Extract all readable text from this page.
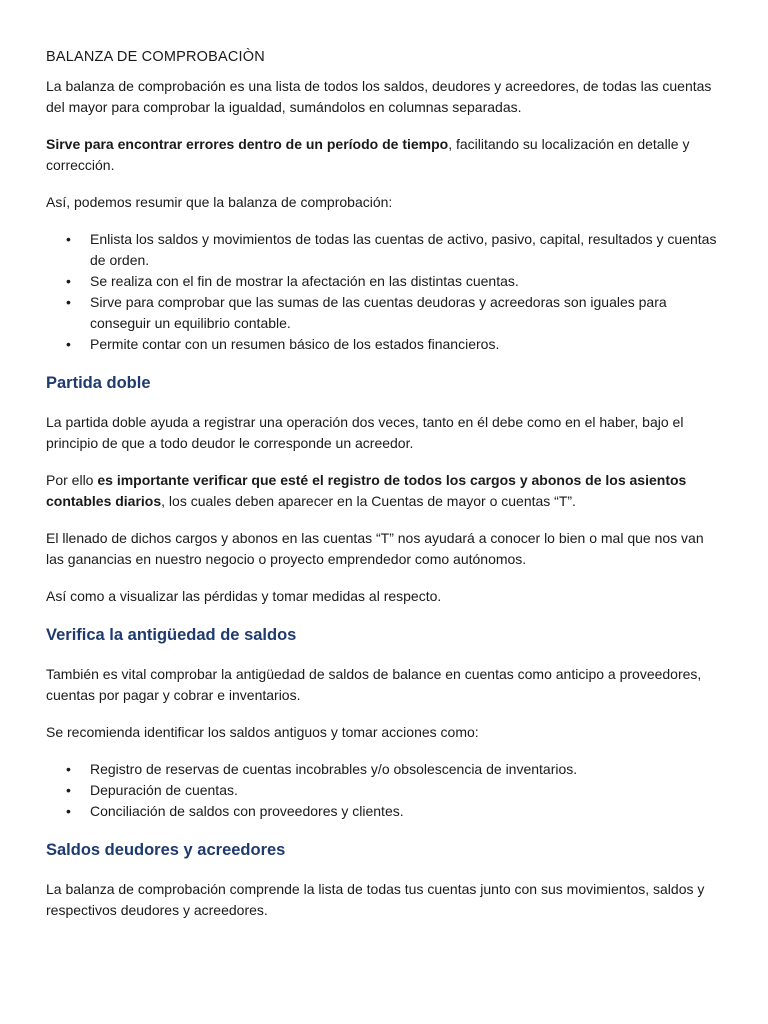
BALANZA DE COMPROBACIÒN

La balanza de comprobación es una lista de todos los saldos, deudores y acreedores, de todas las cuentas del mayor para comprobar la igualdad, sumándolos en columnas separadas.

Sirve para encontrar errores dentro de un período de tiempo, facilitando su localización en detalle y corrección.

Así, podemos resumir que la balanza de comprobación:

• Enlista los saldos y movimientos de todas las cuentas de activo, pasivo, capital, resultados y cuentas de orden.
• Se realiza con el fin de mostrar la afectación en las distintas cuentas.
• Sirve para comprobar que las sumas de las cuentas deudoras y acreedoras son iguales para conseguir un equilibrio contable.
• Permite contar con un resumen básico de los estados financieros.
Partida doble

La partida doble ayuda a registrar una operación dos veces, tanto en él debe como en el haber, bajo el principio de que a todo deudor le corresponde un acreedor.

Por ello es importante verificar que esté el registro de todos los cargos y abonos de los asientos contables diarios, los cuales deben aparecer en la Cuentas de mayor o cuentas “T”.

El llenado de dichos cargos y abonos en las cuentas “T” nos ayudará a conocer lo bien o mal que nos van las ganancias en nuestro negocio o proyecto emprendedor como autónomos.

Así como a visualizar las pérdidas y tomar medidas al respecto.

Verifica la antigüedad de saldos

También es vital comprobar la antigüedad de saldos de balance en cuentas como anticipo a proveedores, cuentas por pagar y cobrar e inventarios.

Se recomienda identificar los saldos antiguos y tomar acciones como:

• Registro de reservas de cuentas incobrables y/o obsolescencia de inventarios.
• Depuración de cuentas.
• Conciliación de saldos con proveedores y clientes.
Saldos deudores y acreedores

La balanza de comprobación comprende la lista de todas tus cuentas junto con sus movimientos, saldos y respectivos deudores y acreedores.
